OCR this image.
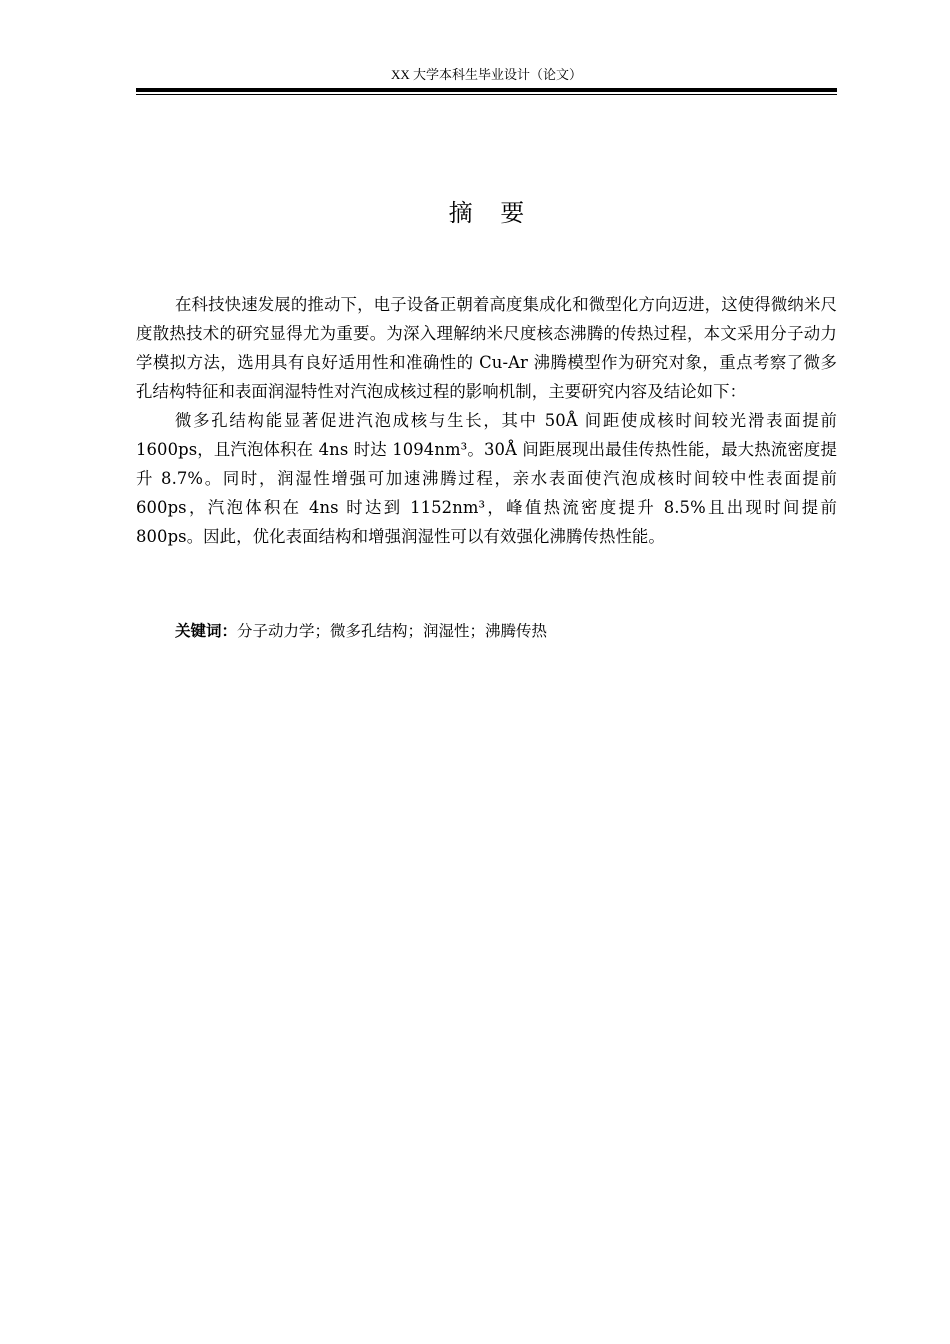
XX 大学本科生毕业设计（论文）
摘 要

在科技快速发展的推动下，电子设备正朝着高度集成化和微型化方向迈进，这使得微纳米尺度散热技术的研究显得尤为重要。为深入理解纳米尺度核态沸腾的传热过程，本文采用分子动力学模拟方法，选用具有良好适用性和准确性的 Cu-Ar 沸腾模型作为研究对象，重点考察了微多孔结构特征和表面润湿特性对汽泡成核过程的影响机制，主要研究内容及结论如下：

微多孔结构能显著促进汽泡成核与生长，其中 50Å 间距使成核时间较光滑表面提前 1600ps，且汽泡体积在 4ns 时达 1094nm³。30Å 间距展现出最佳传热性能，最大热流密度提升 8.7%。同时，润湿性增强可加速沸腾过程，亲水表面使汽泡成核时间较中性表面提前 600ps，汽泡体积在 4ns 时达到 1152nm³，峰值热流密度提升 8.5%且出现时间提前 800ps。因此，优化表面结构和增强润湿性可以有效强化沸腾传热性能。

关键词：分子动力学；微多孔结构；润湿性；沸腾传热
